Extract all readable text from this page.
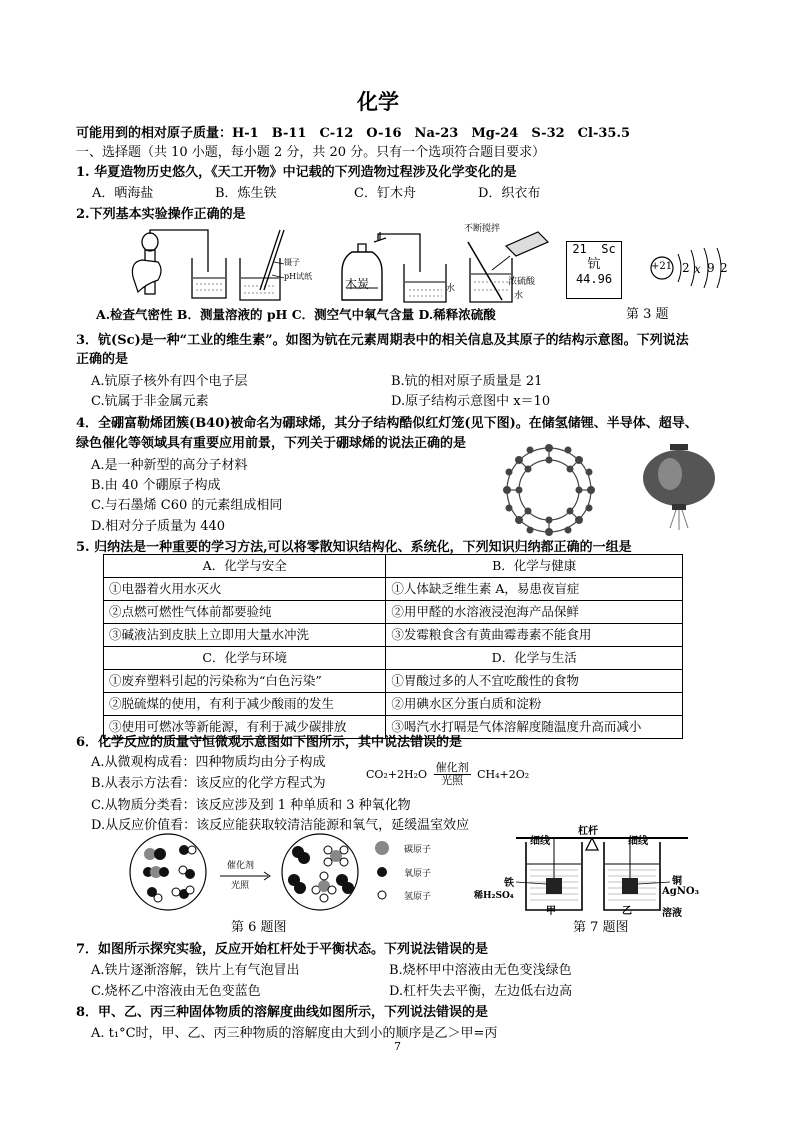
化学
可能用到的相对原子质量：H-1　B-11　C-12　O-16　Na-23　Mg-24　S-32　Cl-35.5
一、选择题（共 10 小题，每小题 2 分，共 20 分。只有一个选项符合题目要求）
1. 华夏造物历史悠久，《天工开物》中记载的下列造物过程涉及化学变化的是
A．晒海盐	B．炼生铁	C．钉木舟	D．织衣布
2.下列基本实验操作正确的是
镊子
pH试纸
木炭	水
不断搅拌
浓硫酸
水
21 Sc
钪
44.96
+21 2 x 9 2
第 3 题
A.检查气密性 B．测量溶液的 pH C．测空气中氧气含量 D.稀释浓硫酸
3．钪(Sc)是一种“工业的维生素”。如图为钪在元素周期表中的相关信息及其原子的结构示意图。下列说法
正确的是
A.钪原子核外有四个电子层	B.钪的相对原子质量是 21
C.钪属于非金属元素	D.原子结构示意图中 x＝10
4．全硼富勒烯团簇(B40)被命名为硼球烯，其分子结构酷似红灯笼(见下图)。在储氢储锂、半导体、超导、
绿色催化等领域具有重要应用前景，下列关于硼球烯的说法正确的是
A.是一种新型的高分子材料
B.由 40 个硼原子构成
C.与石墨烯 C60 的元素组成相同
D.相对分子质量为 440
5. 归纳法是一种重要的学习方法,可以将零散知识结构化、系统化，下列知识归纳都正确的一组是
A．化学与安全	B．化学与健康
①电器着火用水灭火	①人体缺乏维生素 A，易患夜盲症
②点燃可燃性气体前都要验纯	②用甲醛的水溶液浸泡海产品保鲜
③碱液沾到皮肤上立即用大量水冲洗	③发霉粮食含有黄曲霉毒素不能食用
C．化学与环境	D．化学与生活
①废弃塑料引起的污染称为“白色污染”	①胃酸过多的人不宜吃酸性的食物
②脱硫煤的使用，有利于减少酸雨的发生	②用碘水区分蛋白质和淀粉
③使用可燃冰等新能源，有利于减少碳排放	③喝汽水打嗝是气体溶解度随温度升高而减小
6．化学反应的质量守恒微观示意图如下图所示，其中说法错误的是
A.从微观构成看：四种物质均由分子构成
B.从表示方法看：该反应的化学方程式为
$CO_2+2H_2O \frac{\text{催化剂}}{\text{光照}} CH_4+2O_2$
C.从物质分类看：该反应涉及到 1 种单质和 3 种氧化物
D.从反应价值看：该反应能获取较清洁能源和氧气，延缓温室效应
催化剂
光照
碳原子
氧原子
氢原子
第 6 题图
杠杆
细线	细线
铁
稀H₂SO₄
铜
AgNO₃
溶液
甲	乙
第 7 题图
7．如图所示探究实验，反应开始杠杆处于平衡状态。下列说法错误的是
A.铁片逐渐溶解，铁片上有气泡冒出	B.烧杯甲中溶液由无色变浅绿色
C.烧杯乙中溶液由无色变蓝色	D.杠杆失去平衡，左边低右边高
8．甲、乙、丙三种固体物质的溶解度曲线如图所示，下列说法错误的是
A. t₁°C时，甲、乙、丙三种物质的溶解度由大到小的顺序是乙＞甲=丙
7
